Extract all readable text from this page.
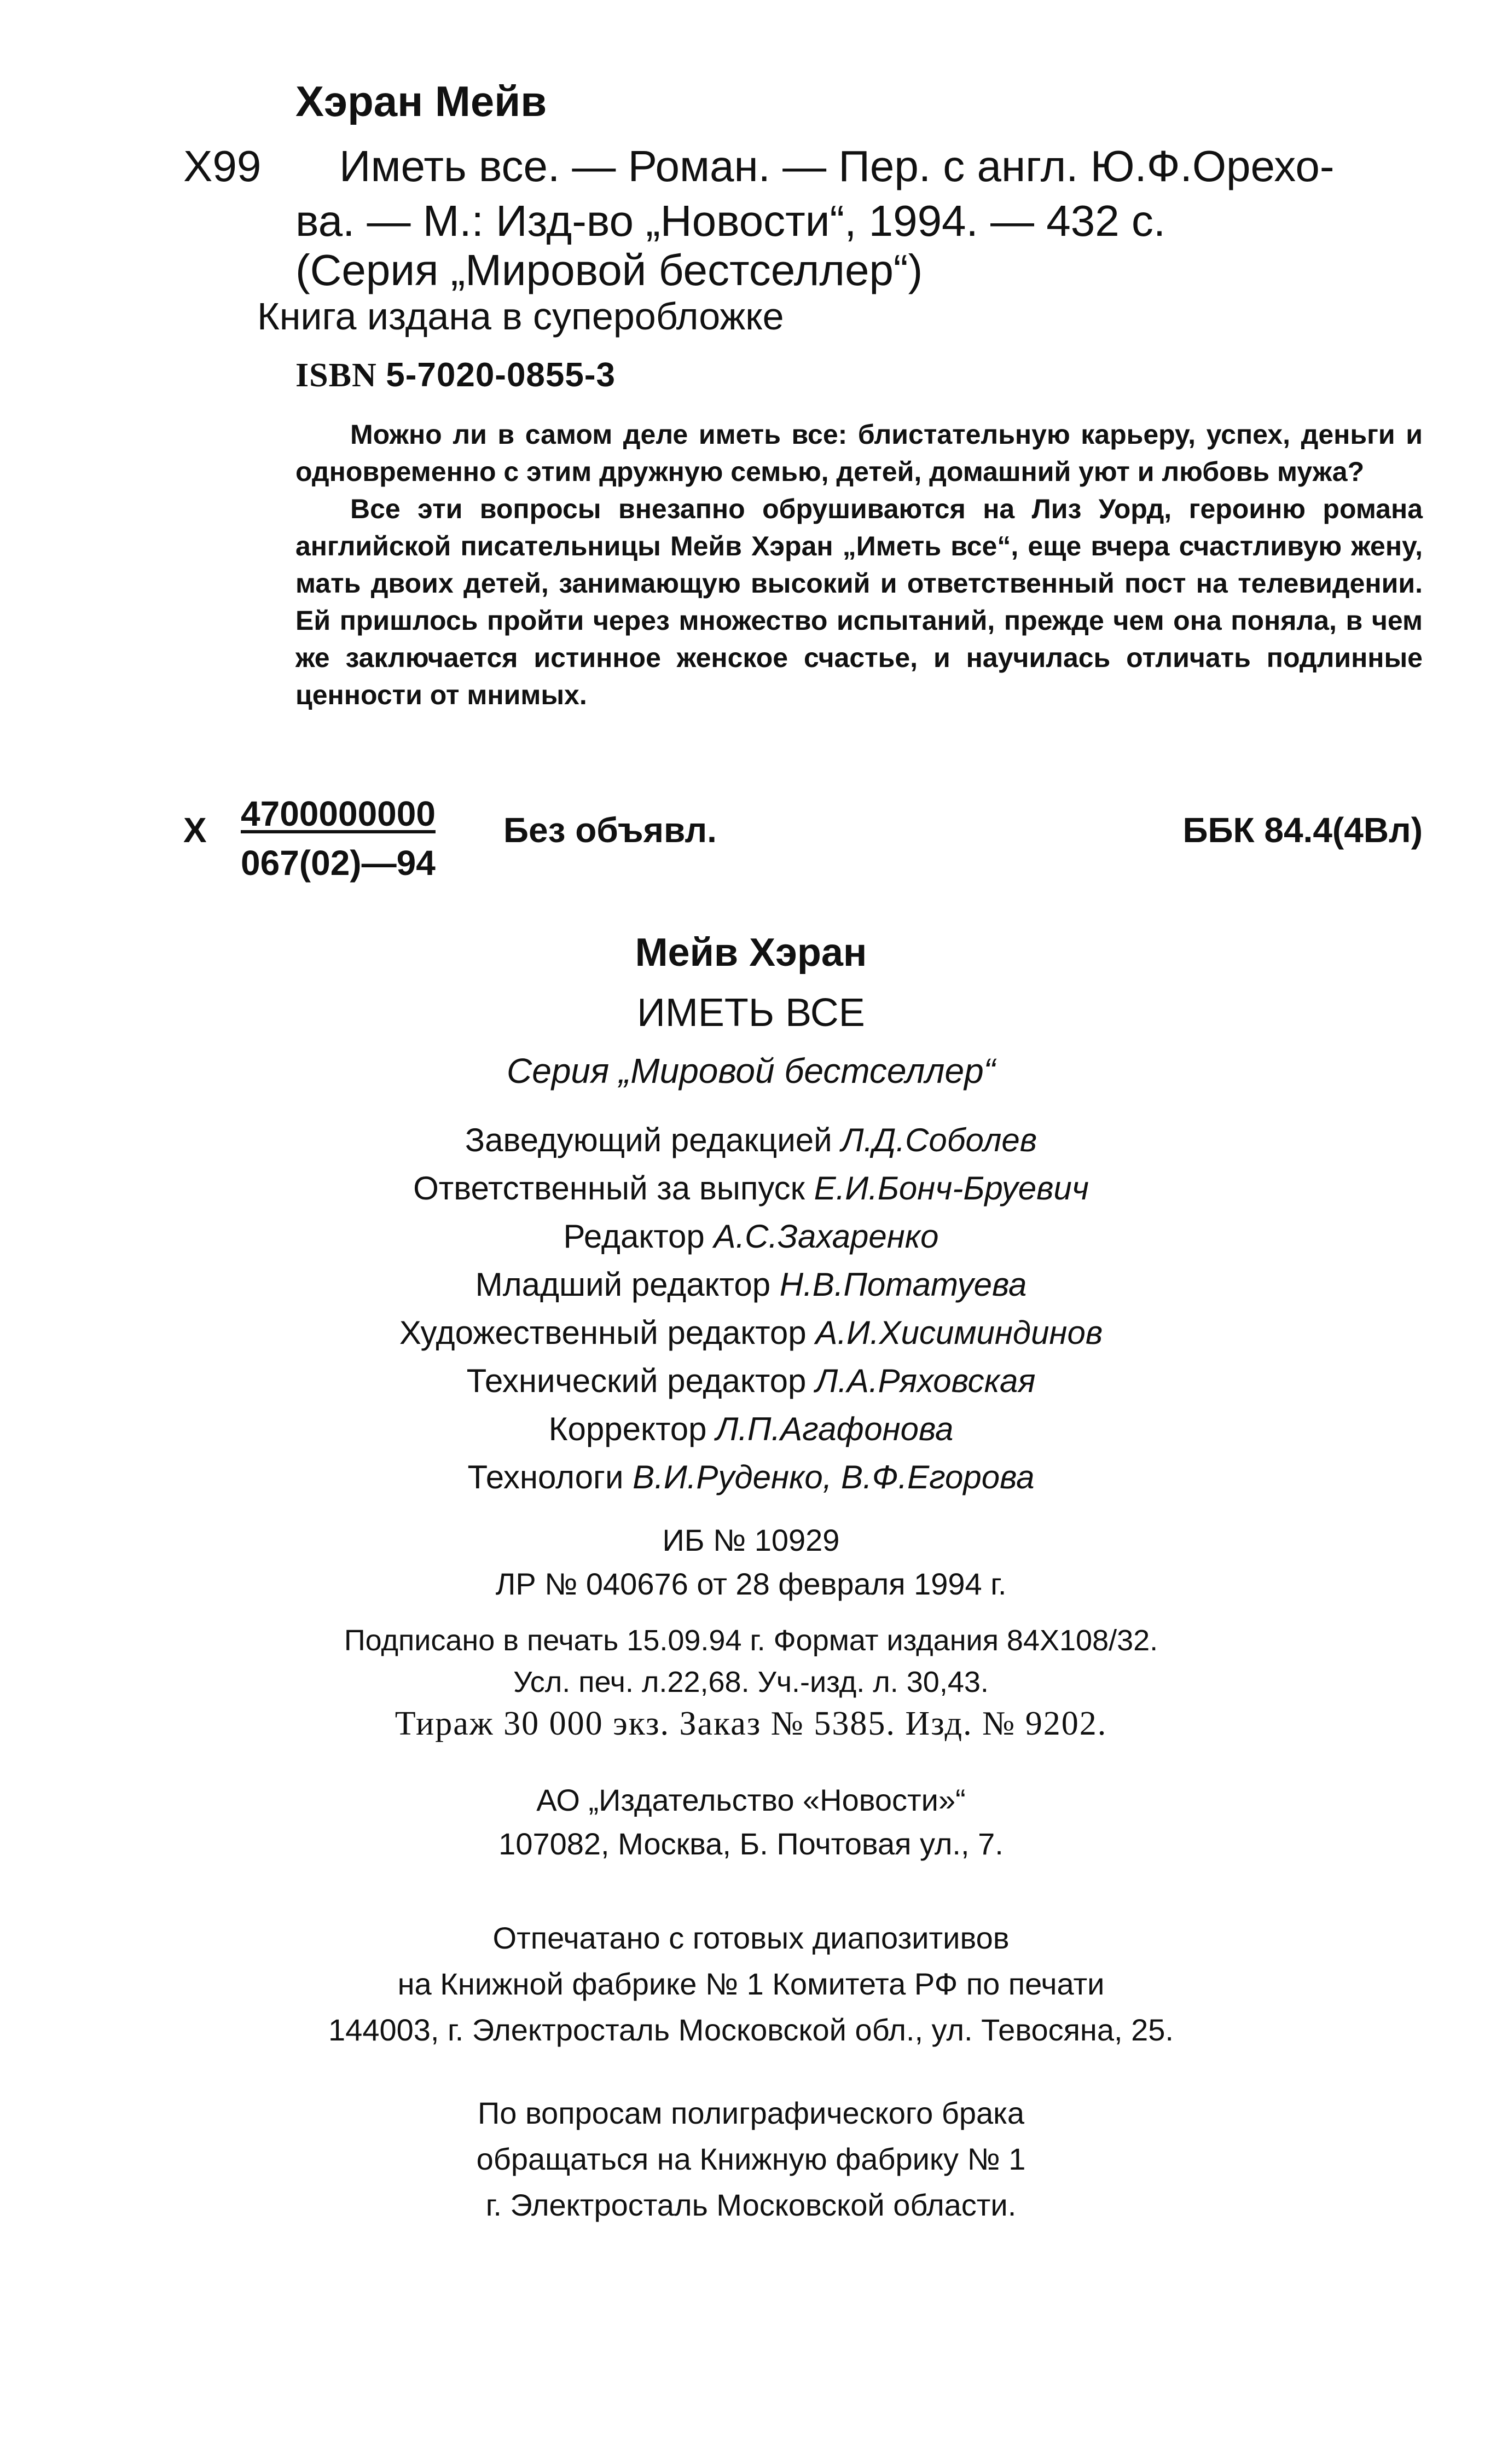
Хэран Мейв
X99 Иметь все. — Роман. — Пер. с англ. Ю.Ф.Орехо-
ва. — М.: Изд-во „Новости“, 1994. — 432 с.
(Серия „Мировой бестселлер“)
Книга издана в суперобложке
ISBN 5-7020-0855-3

Можно ли в самом деле иметь все: блистательную карьеру, успех, деньги и одновременно с этим дружную семью, детей, домашний уют и любовь мужа?

Все эти вопросы внезапно обрушиваются на Лиз Уорд, героиню романа английской писательницы Мейв Хэран „Иметь все“, еще вчера счастливую жену, мать двоих детей, занимающую высокий и ответственный пост на телевидении. Ей пришлось пройти через множество испытаний, прежде чем она поняла, в чем же заключается истинное женское счастье, и научилась отличать подлинные ценности от мнимых.

X 4700000000
067(02)—94
Без объявл.	ББК 84.4(4Вл)
Мейв Хэран
ИМЕТЬ ВСЕ
Серия „Мировой бестселлер“
Заведующий редакцией Л.Д.Соболев
Ответственный за выпуск Е.И.Бонч-Бруевич
Редактор А.С.Захаренко
Младший редактор Н.В.Потатуева
Художественный редактор А.И.Хисиминдинов
Технический редактор Л.А.Ряховская
Корректор Л.П.Агафонова
Технологи В.И.Руденко, В.Ф.Егорова
ИБ № 10929
ЛР № 040676 от 28 февраля 1994 г.
Подписано в печать 15.09.94 г. Формат издания 84Х108/32.
Усл. печ. л.22,68. Уч.-изд. л. 30,43.
Тираж 30 000 экз. Заказ № 5385. Изд. № 9202.
АО „Издательство «Новости»“
107082, Москва, Б. Почтовая ул., 7.
Отпечатано с готовых диапозитивов
на Книжной фабрике № 1 Комитета РФ по печати
144003, г. Электросталь Московской обл., ул. Тевосяна, 25.
По вопросам полиграфического брака
обращаться на Книжную фабрику № 1
г. Электросталь Московской области.
